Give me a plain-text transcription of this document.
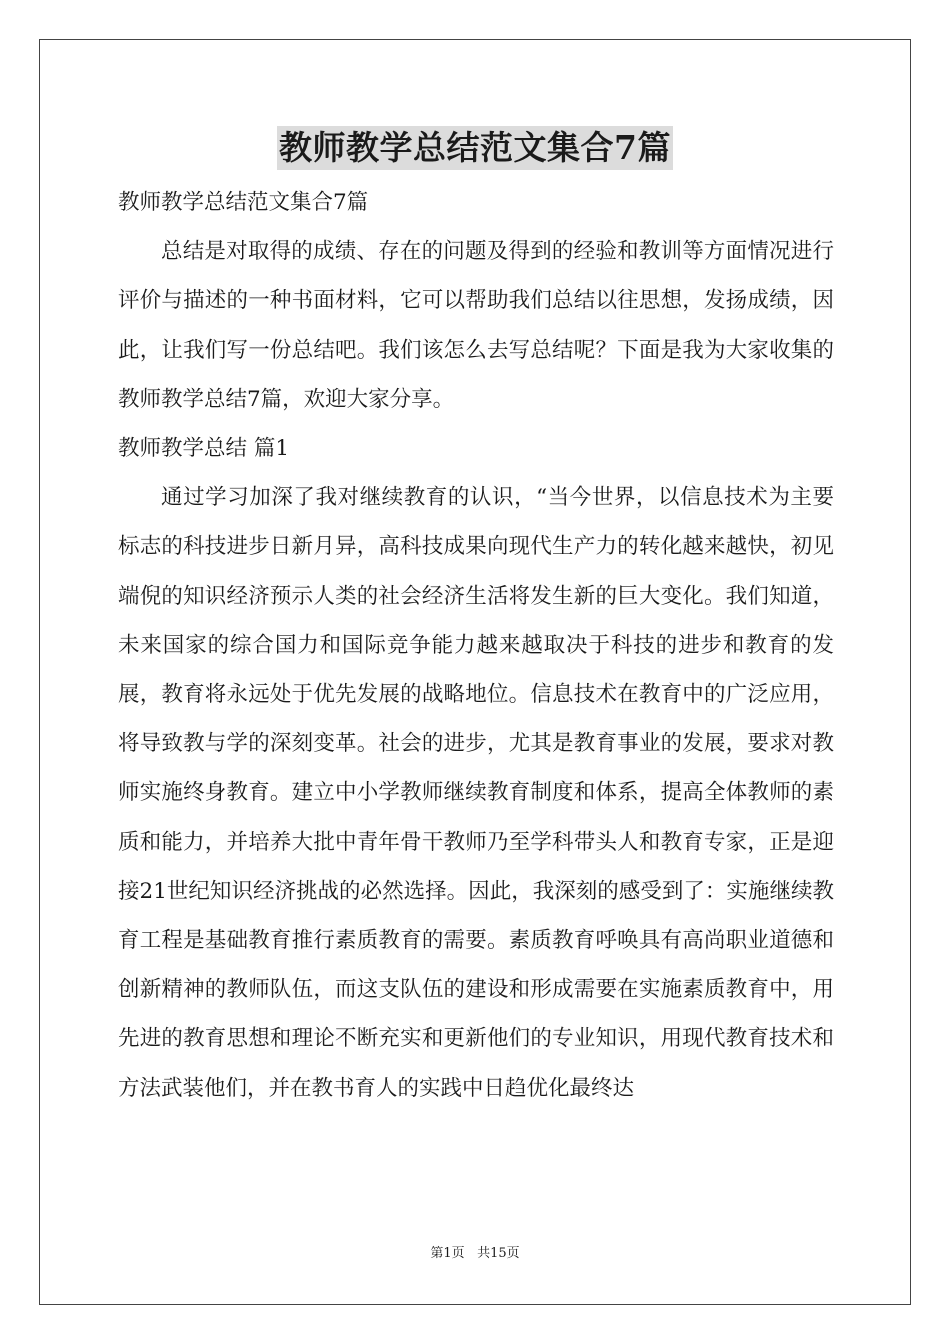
教师教学总结范文集合7篇

教师教学总结范文集合7篇

总结是对取得的成绩、存在的问题及得到的经验和教训等方面情况进行评价与描述的一种书面材料，它可以帮助我们总结以往思想，发扬成绩，因此，让我们写一份总结吧。我们该怎么去写总结呢？下面是我为大家收集的教师教学总结7篇，欢迎大家分享。

教师教学总结 篇1

通过学习加深了我对继续教育的认识，“当今世界，以信息技术为主要标志的科技进步日新月异，高科技成果向现代生产力的转化越来越快，初见端倪的知识经济预示人类的社会经济生活将发生新的巨大变化。我们知道，未来国家的综合国力和国际竞争能力越来越取决于科技的进步和教育的发展，教育将永远处于优先发展的战略地位。信息技术在教育中的广泛应用，将导致教与学的深刻变革。社会的进步，尤其是教育事业的发展，要求对教师实施终身教育。建立中小学教师继续教育制度和体系，提高全体教师的素质和能力，并培养大批中青年骨干教师乃至学科带头人和教育专家，正是迎接21世纪知识经济挑战的必然选择。因此，我深刻的感受到了：实施继续教育工程是基础教育推行素质教育的需要。素质教育呼唤具有高尚职业道德和创新精神的教师队伍，而这支队伍的建设和形成需要在实施素质教育中，用先进的教育思想和理论不断充实和更新他们的专业知识，用现代教育技术和方法武装他们，并在教书育人的实践中日趋优化最终达

第1页 共15页
